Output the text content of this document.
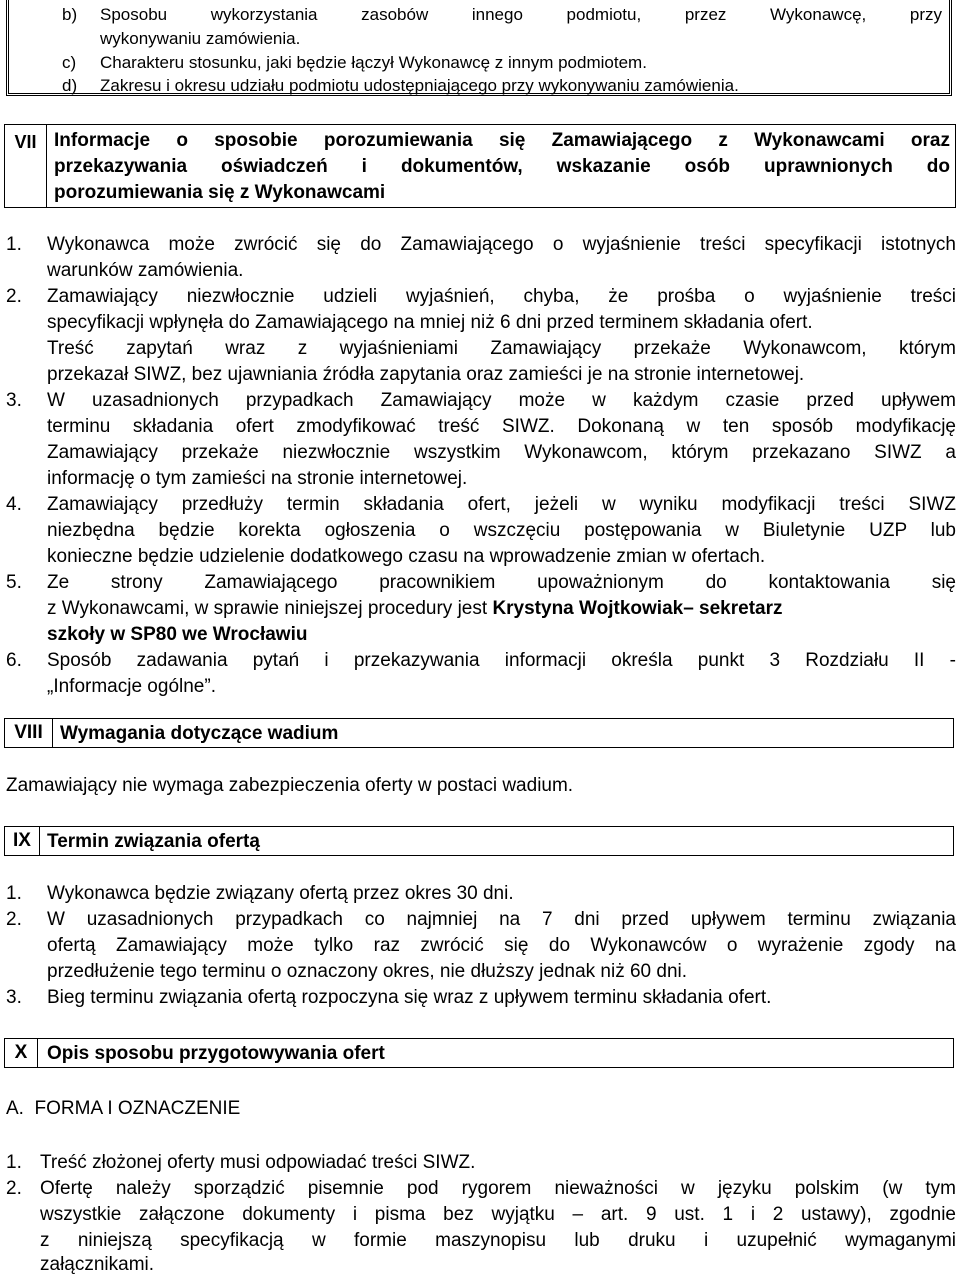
b) Sposobu wykorzystania zasobów innego podmiotu, przez Wykonawcę, przy
wykonywaniu zamówienia.
c) Charakteru stosunku, jaki będzie łączył Wykonawcę z innym podmiotem.
d) Zakresu i okresu udziału podmiotu udostępniającego przy wykonywaniu zamówienia.
VII Informacje o sposobie porozumiewania się Zamawiającego z Wykonawcami oraz
przekazywania oświadczeń i dokumentów, wskazanie osób uprawnionych do
porozumiewania się z Wykonawcami
1. Wykonawca może zwrócić się do Zamawiającego o wyjaśnienie treści specyfikacji istotnych
warunków zamówienia.
2. Zamawiający niezwłocznie udzieli wyjaśnień, chyba, że prośba o wyjaśnienie treści
specyfikacji wpłynęła do Zamawiającego na mniej niż 6 dni przed terminem składania ofert.
Treść zapytań wraz z wyjaśnieniami Zamawiający przekaże Wykonawcom, którym
przekazał SIWZ, bez ujawniania źródła zapytania oraz zamieści je na stronie internetowej.
3. W uzasadnionych przypadkach Zamawiający może w każdym czasie przed upływem
terminu składania ofert zmodyfikować treść SIWZ. Dokonaną w ten sposób modyfikację
Zamawiający przekaże niezwłocznie wszystkim Wykonawcom, którym przekazano SIWZ a
informację o tym zamieści na stronie internetowej.
4. Zamawiający przedłuży termin składania ofert, jeżeli w wyniku modyfikacji treści SIWZ
niezbędna będzie korekta ogłoszenia o wszczęciu postępowania w Biuletynie UZP lub
konieczne będzie udzielenie dodatkowego czasu na wprowadzenie zmian w ofertach.
5. Ze strony Zamawiającego pracownikiem upoważnionym do kontaktowania się
z Wykonawcami, w sprawie niniejszej procedury jest Krystyna Wojtkowiak– sekretarz
szkoły w SP80 we Wrocławiu
6. Sposób zadawania pytań i przekazywania informacji określa punkt 3 Rozdziału II -
„Informacje ogólne”.
VIII Wymagania dotyczące wadium
Zamawiający nie wymaga zabezpieczenia oferty w postaci wadium.
IX Termin związania ofertą
1. Wykonawca będzie związany ofertą przez okres 30 dni.
2. W uzasadnionych przypadkach co najmniej na 7 dni przed upływem terminu związania
ofertą Zamawiający może tylko raz zwrócić się do Wykonawców o wyrażenie zgody na
przedłużenie tego terminu o oznaczony okres, nie dłuższy jednak niż 60 dni.
3. Bieg terminu związania ofertą rozpoczyna się wraz z upływem terminu składania ofert.
X	Opis sposobu przygotowywania ofert
A.  FORMA I OZNACZENIE
1. Treść złożonej oferty musi odpowiadać treści SIWZ.
2. Ofertę należy sporządzić pisemnie pod rygorem nieważności w języku polskim (w tym
wszystkie załączone dokumenty i pisma bez wyjątku – art. 9 ust. 1 i 2 ustawy), zgodnie
z niniejszą specyfikacją w formie maszynopisu lub druku i uzupełnić wymaganymi
załącznikami.
